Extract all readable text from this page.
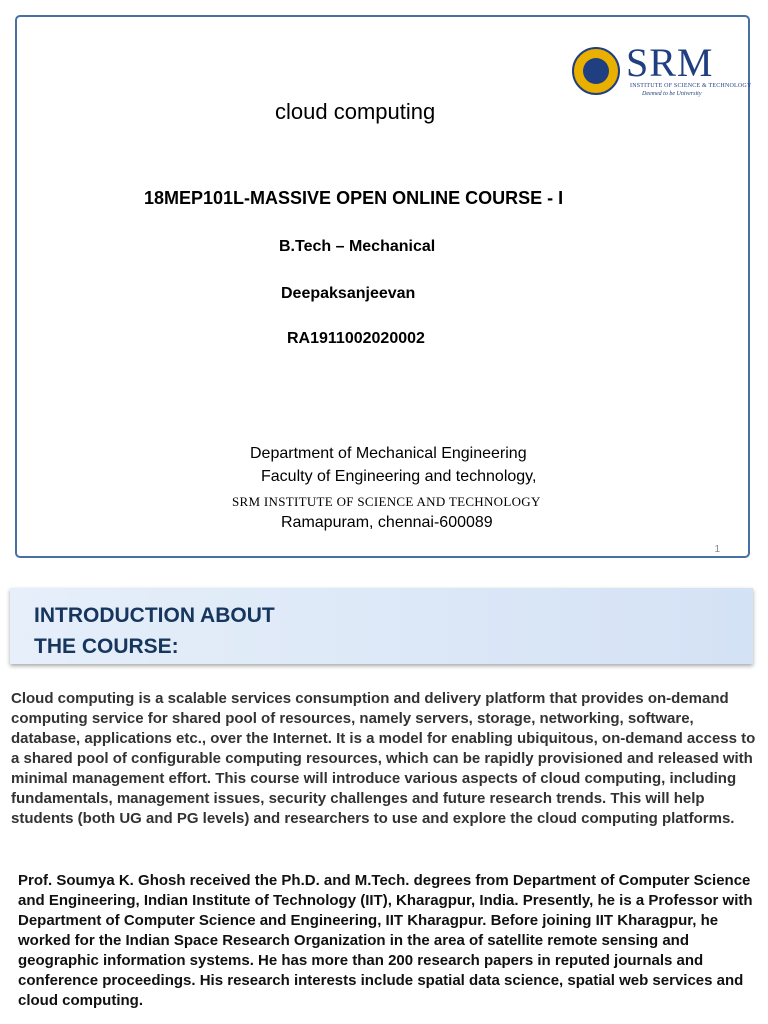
SRM
INSTITUTE OF SCIENCE & TECHNOLOGY
Deemed to be University
cloud computing
18MEP101L-MASSIVE OPEN ONLINE COURSE - I
B.Tech – Mechanical
Deepaksanjeevan
RA1911002020002
Department of Mechanical Engineering
Faculty of Engineering and technology,
SRM INSTITUTE OF SCIENCE AND TECHNOLOGY
Ramapuram, chennai-600089
1
INTRODUCTION ABOUT
THE COURSE:

Cloud computing is a scalable services consumption and delivery platform that provides on-demand computing service for shared pool of resources, namely servers, storage, networking, software, database, applications etc., over the Internet. It is a model for enabling ubiquitous, on-demand access to a shared pool of configurable computing resources, which can be rapidly provisioned and released with minimal management effort. This course will introduce various aspects of cloud computing, including fundamentals, management issues, security challenges and future research trends. This will help students (both UG and PG levels) and researchers to use and explore the cloud computing platforms.

Prof. Soumya K. Ghosh received the Ph.D. and M.Tech. degrees from Department of Computer Science and Engineering, Indian Institute of Technology (IIT), Kharagpur, India. Presently, he is a Professor with Department of Computer Science and Engineering, IIT Kharagpur. Before joining IIT Kharagpur, he worked for the Indian Space Research Organization in the area of satellite remote sensing and geographic information systems. He has more than 200 research papers in reputed journals and conference proceedings. His research interests include spatial data science, spatial web services and cloud computing.
